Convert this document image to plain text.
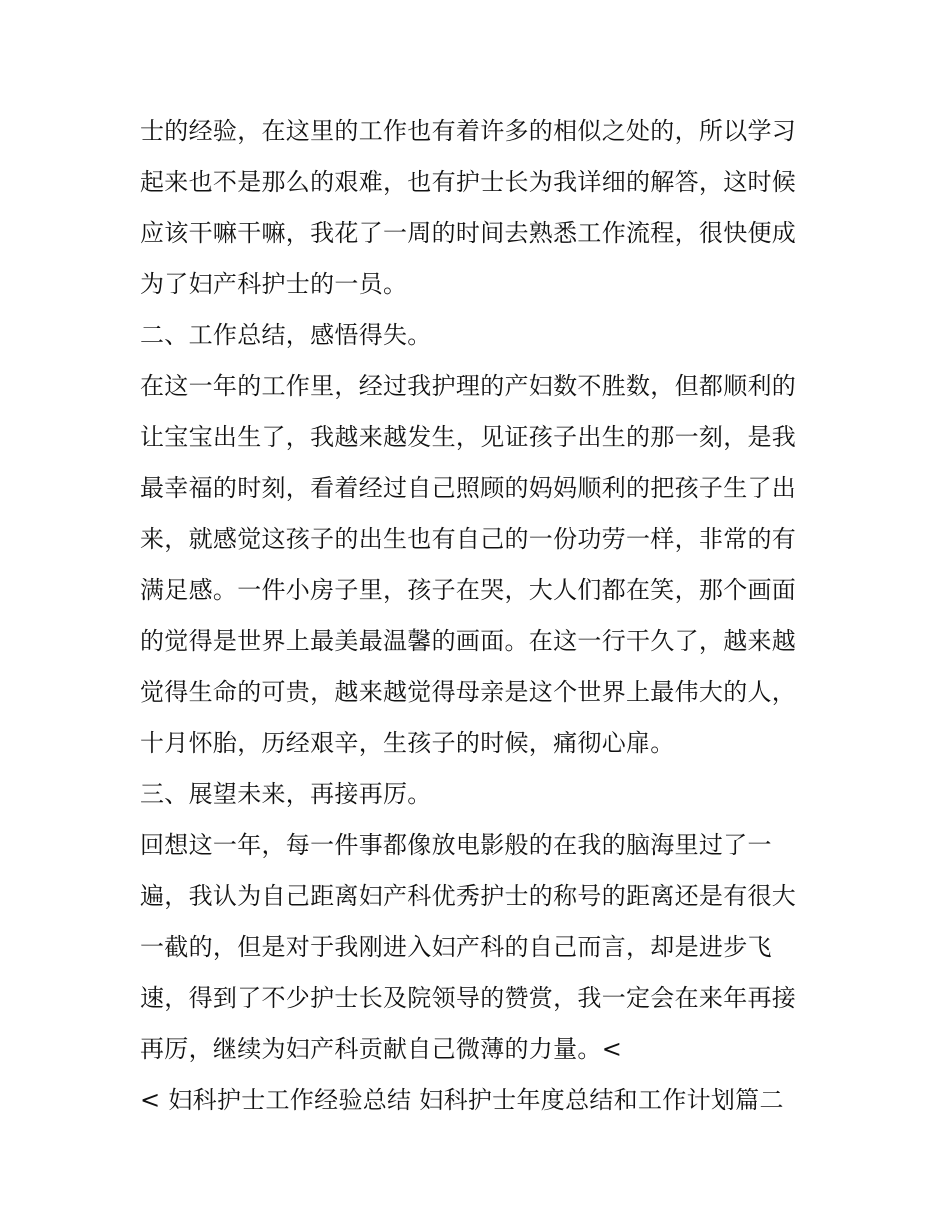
士的经验，在这里的工作也有着许多的相似之处的，所以学习
起来也不是那么的艰难，也有护士长为我详细的解答，这时候
应该干嘛干嘛，我花了一周的时间去熟悉工作流程，很快便成
为了妇产科护士的一员。
二、工作总结，感悟得失。
在这一年的工作里，经过我护理的产妇数不胜数，但都顺利的
让宝宝出生了，我越来越发生，见证孩子出生的那一刻，是我
最幸福的时刻，看着经过自己照顾的妈妈顺利的把孩子生了出
来，就感觉这孩子的出生也有自己的一份功劳一样，非常的有
满足感。一件小房子里，孩子在哭，大人们都在笑，那个画面
的觉得是世界上最美最温馨的画面。在这一行干久了，越来越
觉得生命的可贵，越来越觉得母亲是这个世界上最伟大的人，
十月怀胎，历经艰辛，生孩子的时候，痛彻心扉。
三、展望未来，再接再厉。
回想这一年，每一件事都像放电影般的在我的脑海里过了一
遍，我认为自己距离妇产科优秀护士的称号的距离还是有很大
一截的，但是对于我刚进入妇产科的自己而言，却是进步飞
速，得到了不少护士长及院领导的赞赏，我一定会在来年再接
再厉，继续为妇产科贡献自己微薄的力量。<
< 妇科护士工作经验总结 妇科护士年度总结和工作计划篇二
